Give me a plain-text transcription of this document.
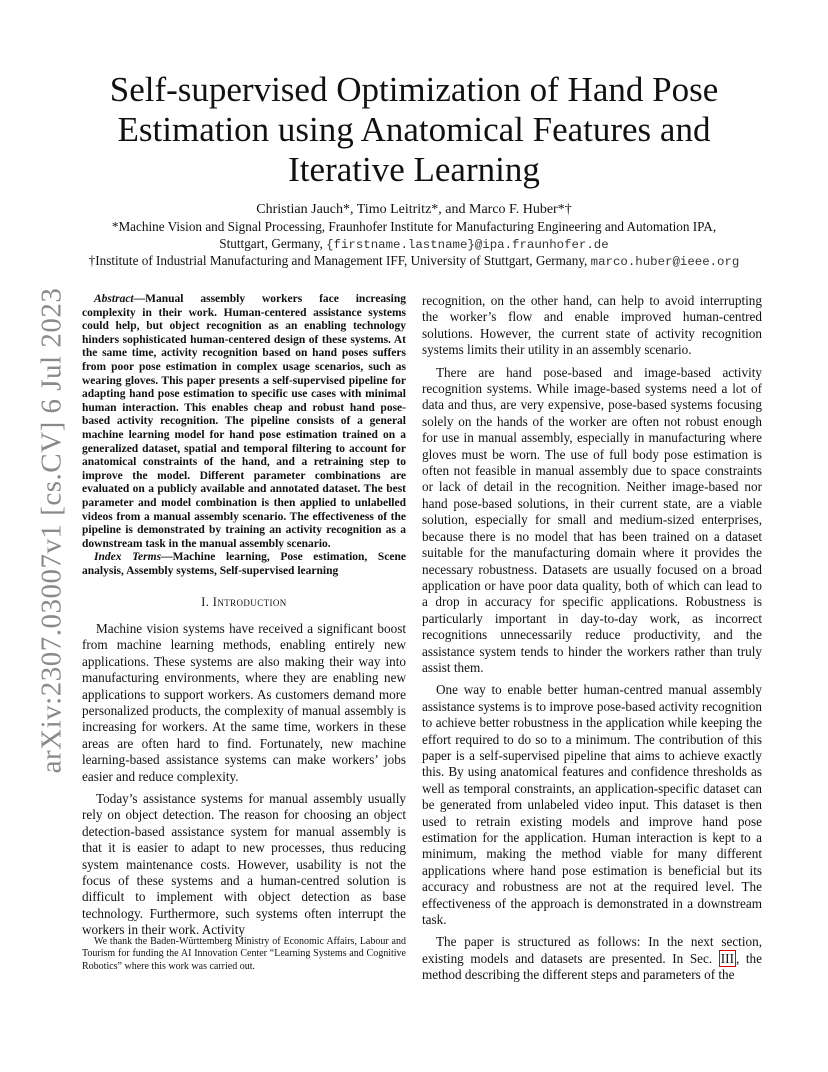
arXiv:2307.03007v1 [cs.CV] 6 Jul 2023
Self-supervised Optimization of Hand Pose Estimation using Anatomical Features and Iterative Learning
Christian Jauch*, Timo Leitritz*, and Marco F. Huber*†
*Machine Vision and Signal Processing, Fraunhofer Institute for Manufacturing Engineering and Automation IPA,
Stuttgart, Germany, {firstname.lastname}@ipa.fraunhofer.de
†Institute of Industrial Manufacturing and Management IFF, University of Stuttgart, Germany, marco.huber@ieee.org

Abstract—Manual assembly workers face increasing complexity in their work. Human-centered assistance systems could help, but object recognition as an enabling technology hinders sophisticated human-centered design of these systems. At the same time, activity recognition based on hand poses suffers from poor pose estimation in complex usage scenarios, such as wearing gloves. This paper presents a self-supervised pipeline for adapting hand pose estimation to specific use cases with minimal human interaction. This enables cheap and robust hand pose-based activity recognition. The pipeline consists of a general machine learning model for hand pose estimation trained on a generalized dataset, spatial and temporal filtering to account for anatomical constraints of the hand, and a retraining step to improve the model. Different parameter combinations are evaluated on a publicly available and annotated dataset. The best parameter and model combination is then applied to unlabelled videos from a manual assembly scenario. The effectiveness of the pipeline is demonstrated by training an activity recognition as a downstream task in the manual assembly scenario.

Index Terms—Machine learning, Pose estimation, Scene analysis, Assembly systems, Self-supervised learning

I. Introduction

Machine vision systems have received a significant boost from machine learning methods, enabling entirely new applications. These systems are also making their way into manufacturing environments, where they are enabling new applications to support workers. As customers demand more personalized products, the complexity of manual assembly is increasing for workers. At the same time, workers in these areas are often hard to find. Fortunately, new machine learning-based assistance systems can make workers’ jobs easier and reduce complexity.

Today’s assistance systems for manual assembly usually rely on object detection. The reason for choosing an object detection-based assistance system for manual assembly is that it is easier to adapt to new processes, thus reducing system maintenance costs. However, usability is not the focus of these systems and a human-centred solution is difficult to implement with object detection as base technology. Furthermore, such systems often interrupt the workers in their work. Activity

recognition, on the other hand, can help to avoid interrupting the worker’s flow and enable improved human-centred solutions. However, the current state of activity recognition systems limits their utility in an assembly scenario.

There are hand pose-based and image-based activity recognition systems. While image-based systems need a lot of data and thus, are very expensive, pose-based systems focusing solely on the hands of the worker are often not robust enough for use in manual assembly, especially in manufacturing where gloves must be worn. The use of full body pose estimation is often not feasible in manual assembly due to space constraints or lack of detail in the recognition. Neither image-based nor hand pose-based solutions, in their current state, are a viable solution, especially for small and medium-sized enterprises, because there is no model that has been trained on a dataset suitable for the manufacturing domain where it provides the necessary robustness. Datasets are usually focused on a broad application or have poor data quality, both of which can lead to a drop in accuracy for specific applications. Robustness is particularly important in day-to-day work, as incorrect recognitions unnecessarily reduce productivity, and the assistance system tends to hinder the workers rather than truly assist them.

One way to enable better human-centred manual assembly assistance systems is to improve pose-based activity recognition to achieve better robustness in the application while keeping the effort required to do so to a minimum. The contribution of this paper is a self-supervised pipeline that aims to achieve exactly this. By using anatomical features and confidence thresholds as well as temporal constraints, an application-specific dataset can be generated from unlabeled video input. This dataset is then used to retrain existing models and improve hand pose estimation for the application. Human interaction is kept to a minimum, making the method viable for many different applications where hand pose estimation is beneficial but its accuracy and robustness are not at the required level. The effectiveness of the approach is demonstrated in a downstream task.

The paper is structured as follows: In the next section, existing models and datasets are presented. In Sec. III , the method describing the different steps and parameters of the

We thank the Baden-Württemberg Ministry of Economic Affairs, Labour and Tourism for funding the AI Innovation Center “Learning Systems and Cognitive Robotics” where this work was carried out.
